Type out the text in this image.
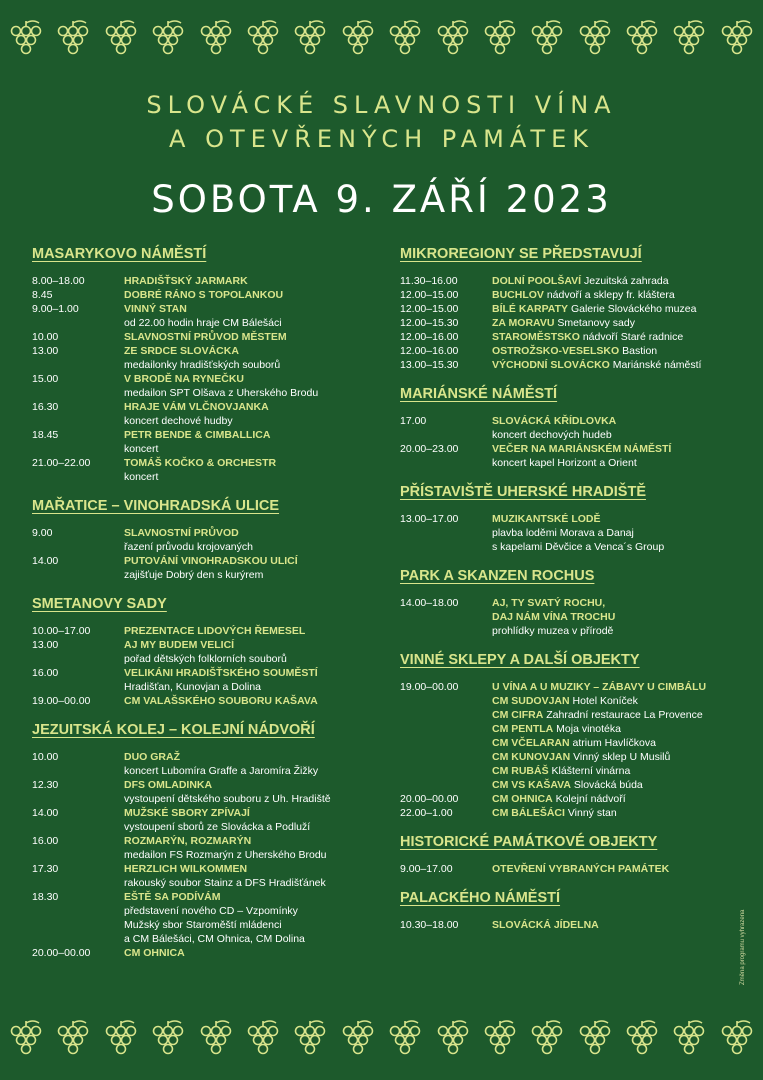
SLOVÁCKÉ SLAVNOSTI VÍNA
A OTEVŘENÝCH PAMÁTEK
SOBOTA 9. ZÁŘÍ 2023
MASARYKOVO NÁMĚSTÍ
8.00–18.00	HRADIŠŤSKÝ JARMARK
8.45	DOBRÉ RÁNO S TOPOLANKOU
9.00–1.00	VINNÝ STAN
od 22.00 hodin hraje CM Bálešáci
10.00	SLAVNOSTNÍ PRŮVOD MĚSTEM
13.00	ZE SRDCE SLOVÁCKA
medailonky hradišťských souborů
15.00	V BRODĚ NA RYNEČKU
medailon SPT Olšava z Uherského Brodu
16.30	HRAJE VÁM VLČNOVJANKA
koncert dechové hudby
18.45	PETR BENDE & CIMBALLICA
koncert
21.00–22.00	TOMÁŠ KOČKO & ORCHESTR
koncert
MAŘATICE – VINOHRADSKÁ ULICE
9.00	SLAVNOSTNÍ PRŮVOD
řazení průvodu krojovaných
14.00	PUTOVÁNÍ VINOHRADSKOU ULICÍ
zajišťuje Dobrý den s kurýrem
SMETANOVY SADY
10.00–17.00	PREZENTACE LIDOVÝCH ŘEMESEL
13.00	AJ MY BUDEM VELICÍ
pořad dětských folklorních souborů
16.00	VELIKÁNI HRADIŠŤSKÉHO SOUMĚSTÍ
Hradišťan, Kunovjan a Dolina
19.00–00.00	CM VALAŠSKÉHO SOUBORU KAŠAVA
JEZUITSKÁ KOLEJ – KOLEJNÍ NÁDVOŘÍ
10.00	DUO GRAŽ
koncert Lubomíra Graffe a Jaromíra Žižky
12.30	DFS OMLADINKA
vystoupení dětského souboru z Uh. Hradiště
14.00	MUŽSKÉ SBORY ZPÍVAJÍ
vystoupení sborů ze Slovácka a Podluží
16.00	ROZMARÝN, ROZMARÝN
medailon FS Rozmarýn z Uherského Brodu
17.30	HERZLICH WILKOMMEN
rakouský soubor Stainz a DFS Hradišťánek
18.30	EŠTĚ SA PODÍVÁM
představení nového CD – Vzpomínky
Mužský sbor Staroměští mládenci
a CM Bálešáci, CM Ohnica, CM Dolina
20.00–00.00	CM OHNICA
MIKROREGIONY SE PŘEDSTAVUJÍ
11.30–16.00	DOLNÍ POOLŠAVÍ Jezuitská zahrada
12.00–15.00	BUCHLOV nádvoří a sklepy fr. kláštera
12.00–15.00	BÍLÉ KARPATY Galerie Slováckého muzea
12.00–15.30	ZA MORAVU Smetanovy sady
12.00–16.00	STAROMĚSTSKO nádvoří Staré radnice
12.00–16.00	OSTROŽSKO-VESELSKO Bastion
13.00–15.30	VÝCHODNÍ SLOVÁCKO Mariánské náměstí
MARIÁNSKÉ NÁMĚSTÍ
17.00	SLOVÁCKÁ KŘÍDLOVKA
koncert dechových hudeb
20.00–23.00	VEČER NA MARIÁNSKÉM NÁMĚSTÍ
koncert kapel Horizont a Orient
PŘÍSTAVIŠTĚ UHERSKÉ HRADIŠTĚ
13.00–17.00	MUZIKANTSKÉ LODĚ
plavba loděmi Morava a Danaj
s kapelami Děvčice a Venca´s Group
PARK A SKANZEN ROCHUS
14.00–18.00	AJ, TY SVATÝ ROCHU,
DAJ NÁM VÍNA TROCHU
prohlídky muzea v přírodě
VINNÉ SKLEPY A DALŠÍ OBJEKTY
19.00–00.00	U VÍNA A U MUZIKY – ZÁBAVY U CIMBÁLU
CM SUDOVJAN Hotel Koníček
CM CIFRA Zahradní restaurace La Provence
CM PENTLA Moja vinotéka
CM VČELARAN atrium Havlíčkova
CM KUNOVJAN Vinný sklep U Musilů
CM RUBÁŠ Klášterní vinárna
CM VS KAŠAVA Slovácká búda
20.00–00.00	CM OHNICA Kolejní nádvoří
22.00–1.00	CM BÁLEŠÁCI Vinný stan
HISTORICKÉ PAMÁTKOVÉ OBJEKTY
9.00–17.00	OTEVŘENÍ VYBRANÝCH PAMÁTEK
PALACKÉHO NÁMĚSTÍ
10.30–18.00	SLOVÁCKÁ JÍDELNA	Změna programu vyhrazena
